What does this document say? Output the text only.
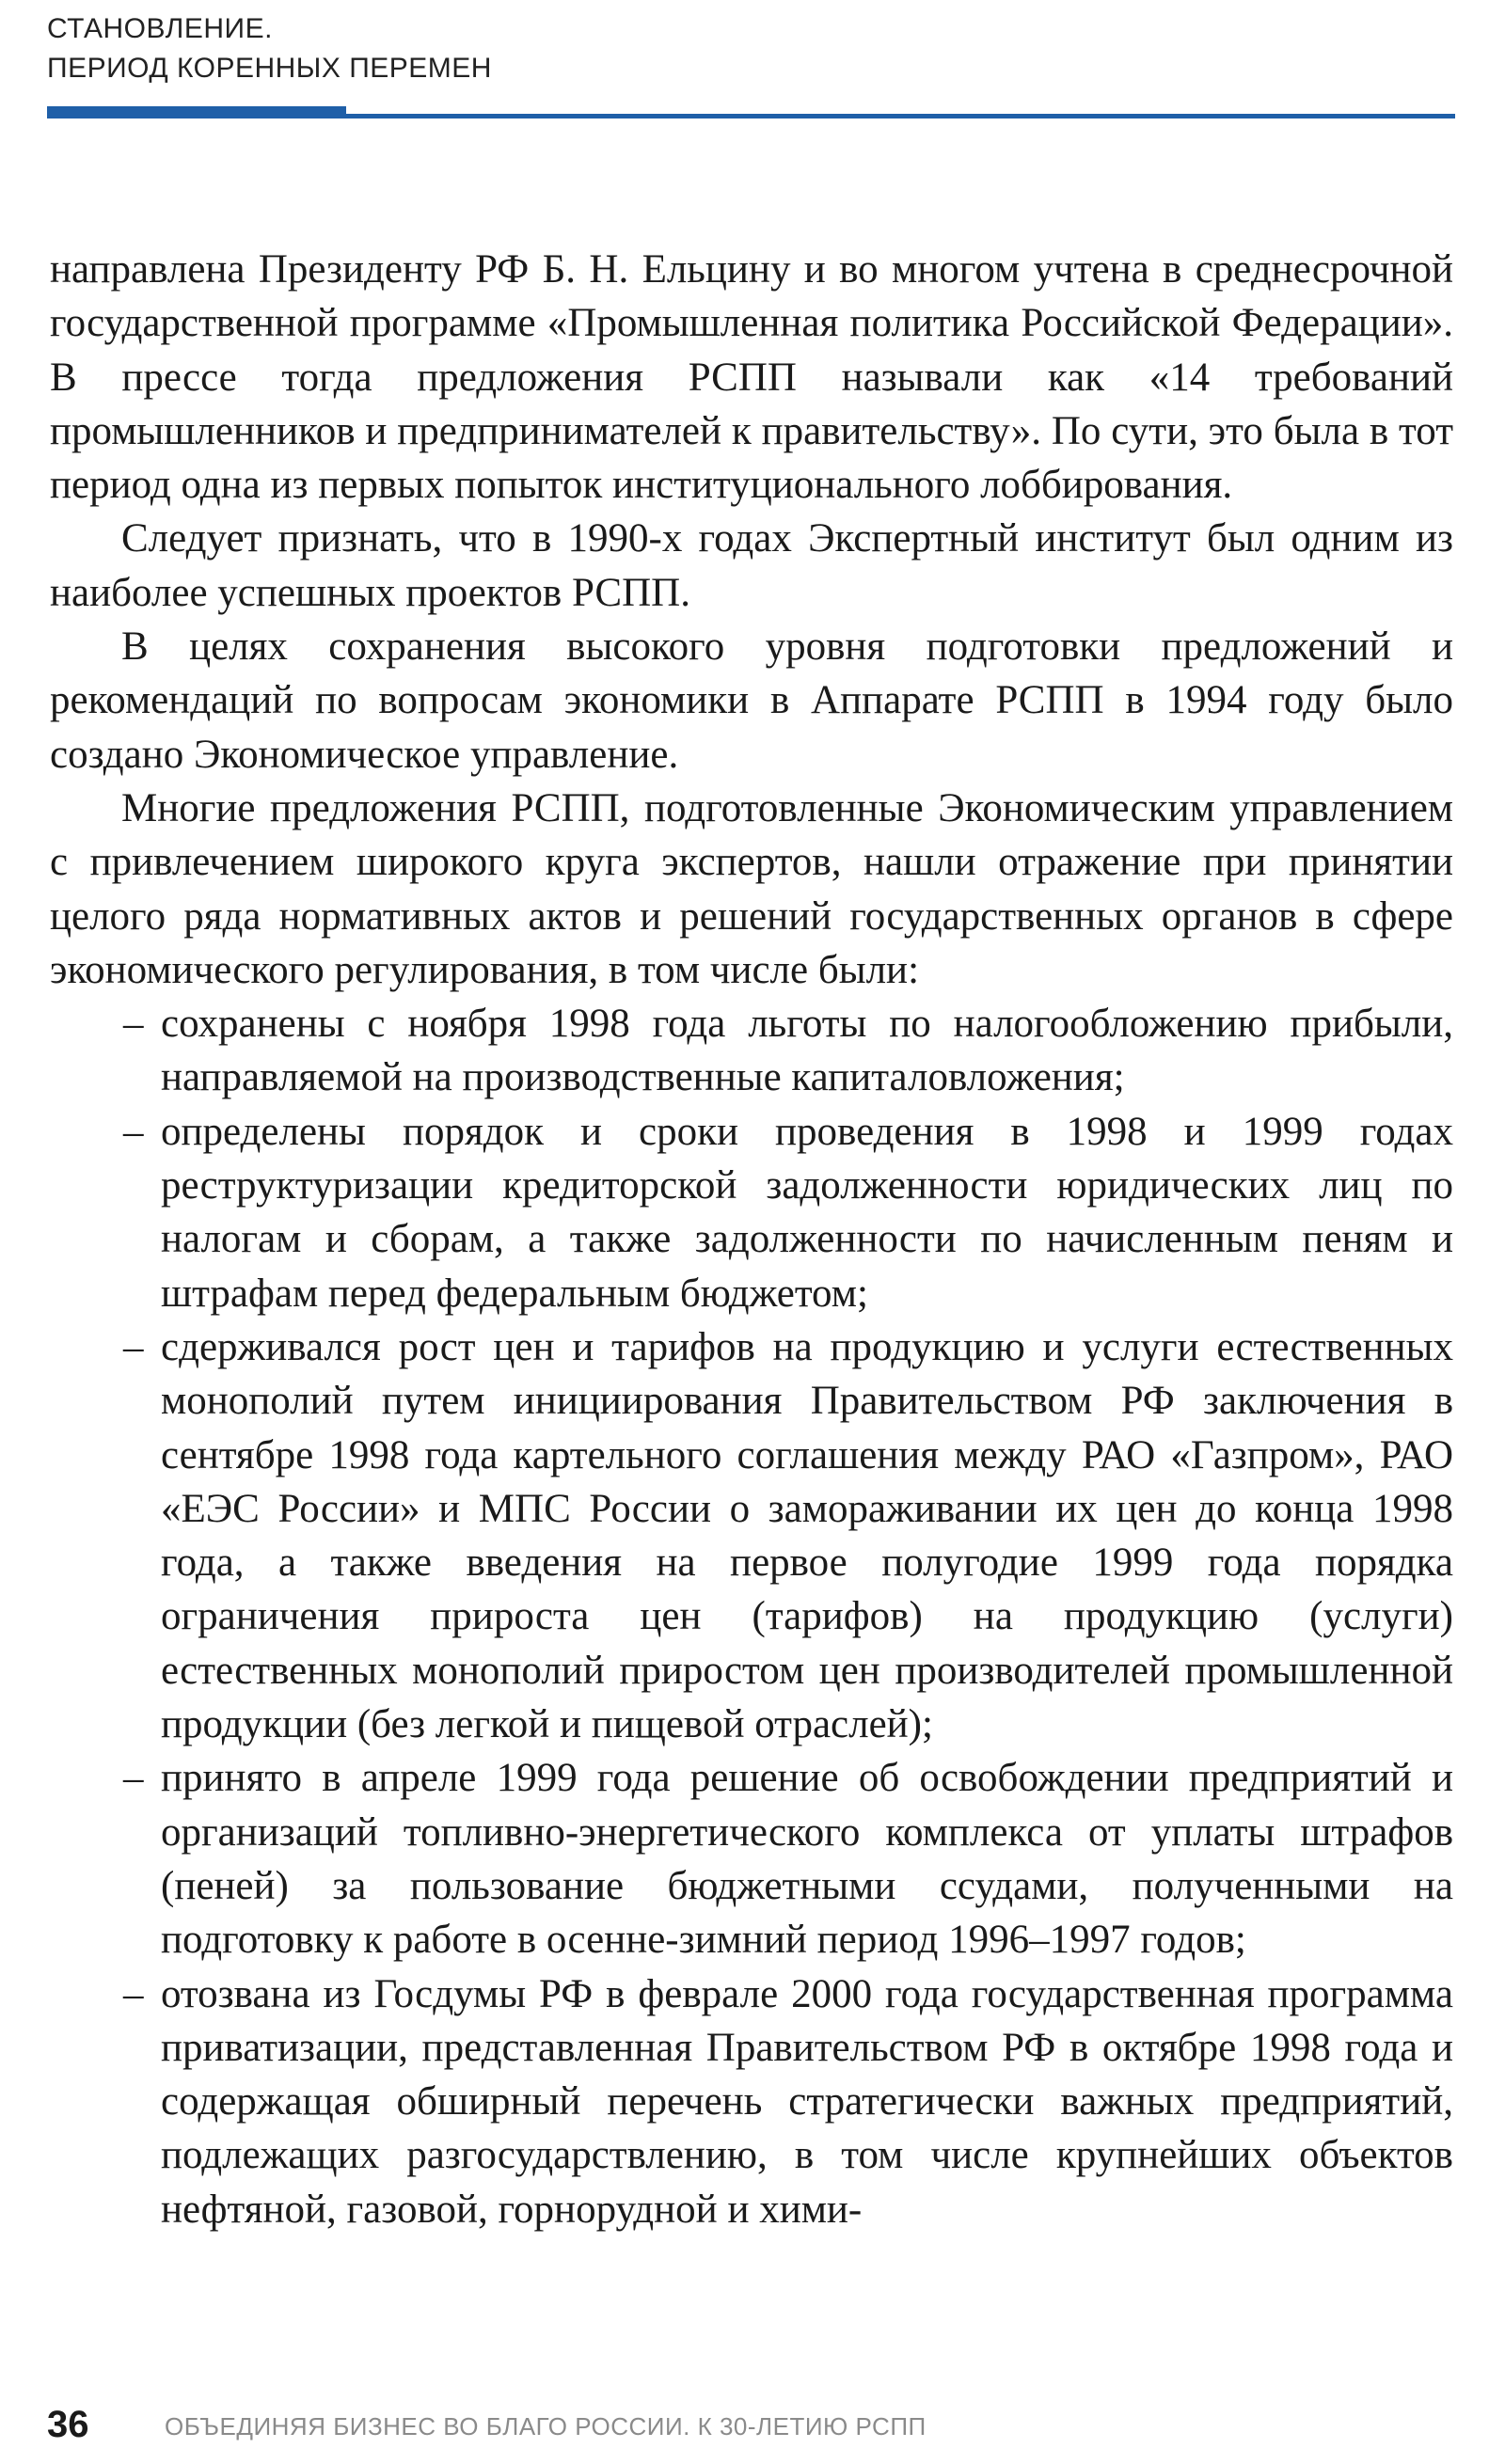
СТАНОВЛЕНИЕ.
ПЕРИОД КОРЕННЫХ ПЕРЕМЕН

направлена Президенту РФ Б. Н. Ельцину и во многом учтена в среднесрочной государственной программе «Промышленная политика Российской Федерации». В прессе тогда предложения РСПП называли как «14 требований промышленников и предпринимателей к правительству». По сути, это была в тот период одна из первых попыток институционального лоббирования.

Следует признать, что в 1990-х годах Экспертный институт был одним из наиболее успешных проектов РСПП.

В целях сохранения высокого уровня подготовки предложений и рекомендаций по вопросам экономики в Аппарате РСПП в 1994 году было создано Экономическое управление.

Многие предложения РСПП, подготовленные Экономическим управлением с привлечением широкого круга экспертов, нашли отражение при принятии целого ряда нормативных актов и решений государственных органов в сфере экономического регулирования, в том числе были:

– сохранены с ноября 1998 года льготы по налогообложению прибыли, направляемой на производственные капиталовложения;
– определены порядок и сроки проведения в 1998 и 1999 годах реструктуризации кредиторской задолженности юридических лиц по налогам и сборам, а также задолженности по начисленным пеням и штрафам перед федеральным бюджетом;
– сдерживался рост цен и тарифов на продукцию и услуги естественных монополий путем инициирования Правительством РФ заключения в сентябре 1998 года картельного соглашения между РАО «Газпром», РАО «ЕЭС России» и МПС России о замораживании их цен до конца 1998 года, а также введения на первое полугодие 1999 года порядка ограничения прироста цен (тарифов) на продукцию (услуги) естественных монополий приростом цен производителей промышленной продукции (без легкой и пищевой отраслей);
– принято в апреле 1999 года решение об освобождении предприятий и организаций топливно-энергетического комплекса от уплаты штрафов (пеней) за пользование бюджетными ссудами, полученными на подготовку к работе в осенне-зимний период 1996–1997 годов;
– отозвана из Госдумы РФ в феврале 2000 года государственная программа приватизации, представленная Правительством РФ в октябре 1998 года и содержащая обширный перечень стратегически важных предприятий, подлежащих разгосударствлению, в том числе крупнейших объектов нефтяной, газовой, горнорудной и хими-
36	ОБЪЕДИНЯЯ БИЗНЕС ВО БЛАГО РОССИИ. К 30-ЛЕТИЮ РСПП
